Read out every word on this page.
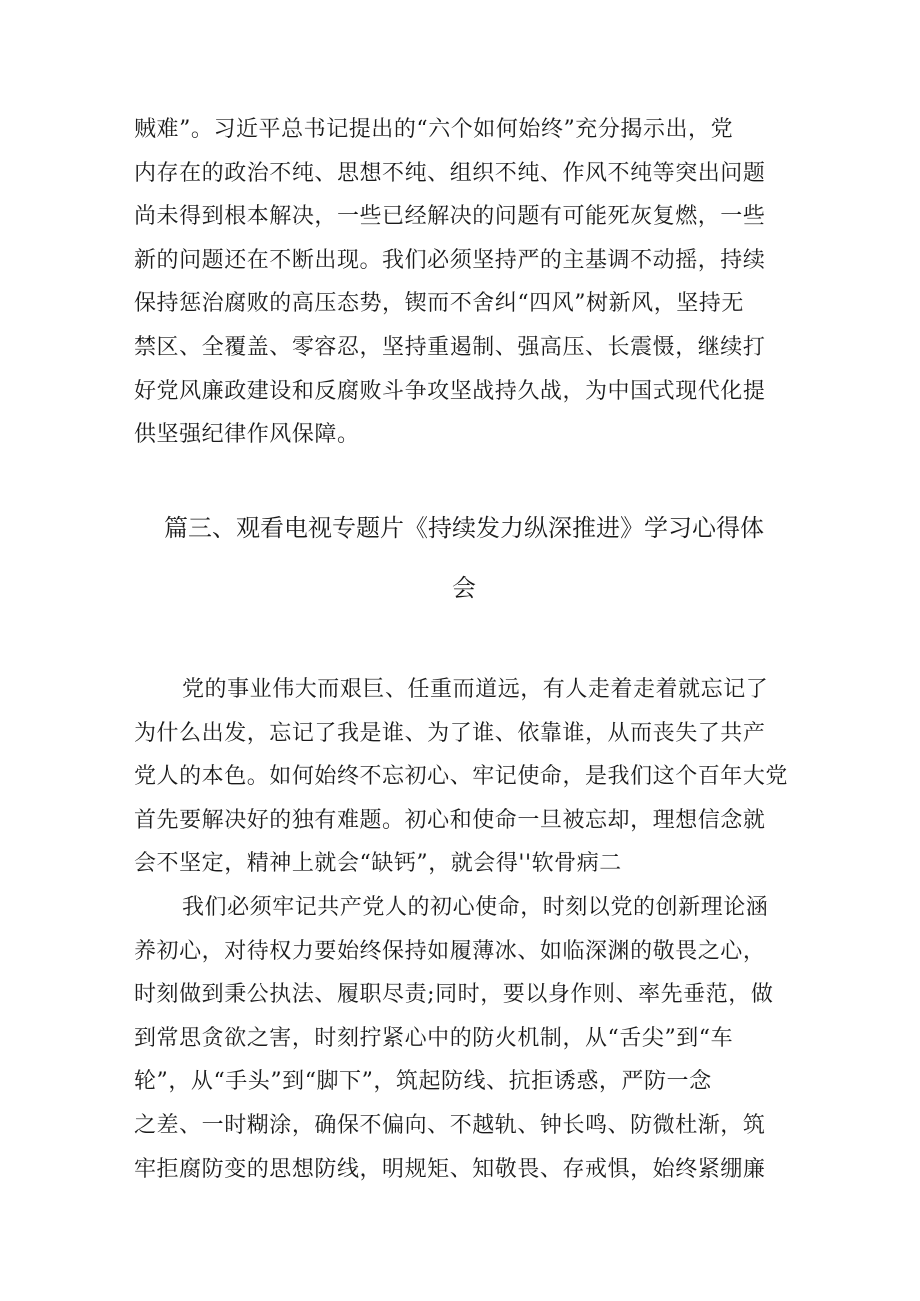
贼难”。习近平总书记提出的“六个如何始终”充分揭示出，党
内存在的政治不纯、思想不纯、组织不纯、作风不纯等突出问题
尚未得到根本解决，一些已经解决的问题有可能死灰复燃，一些
新的问题还在不断出现。我们必须坚持严的主基调不动摇，持续
保持惩治腐败的高压态势，锲而不舍纠“四风”树新风，坚持无
禁区、全覆盖、零容忍，坚持重遏制、强高压、长震慑，继续打
好党风廉政建设和反腐败斗争攻坚战持久战，为中国式现代化提
供坚强纪律作风保障。
篇三、观看电视专题片《持续发力纵深推进》学习心得体
会
党的事业伟大而艰巨、任重而道远，有人走着走着就忘记了
为什么出发，忘记了我是谁、为了谁、依靠谁，从而丧失了共产
党人的本色。如何始终不忘初心、牢记使命，是我们这个百年大党
首先要解决好的独有难题。初心和使命一旦被忘却，理想信念就
会不坚定，精神上就会“缺钙”，就会得''软骨病二
我们必须牢记共产党人的初心使命，时刻以党的创新理论涵
养初心，对待权力要始终保持如履薄冰、如临深渊的敬畏之心，
时刻做到秉公执法、履职尽责;同时，要以身作则、率先垂范，做
到常思贪欲之害，时刻拧紧心中的防火机制，从“舌尖”到“车
轮”，从“手头”到“脚下”，筑起防线、抗拒诱惑，严防一念
之差、一时糊涂，确保不偏向、不越轨、钟长鸣、防微杜渐，筑
牢拒腐防变的思想防线，明规矩、知敬畏、存戒惧，始终紧绷廉
